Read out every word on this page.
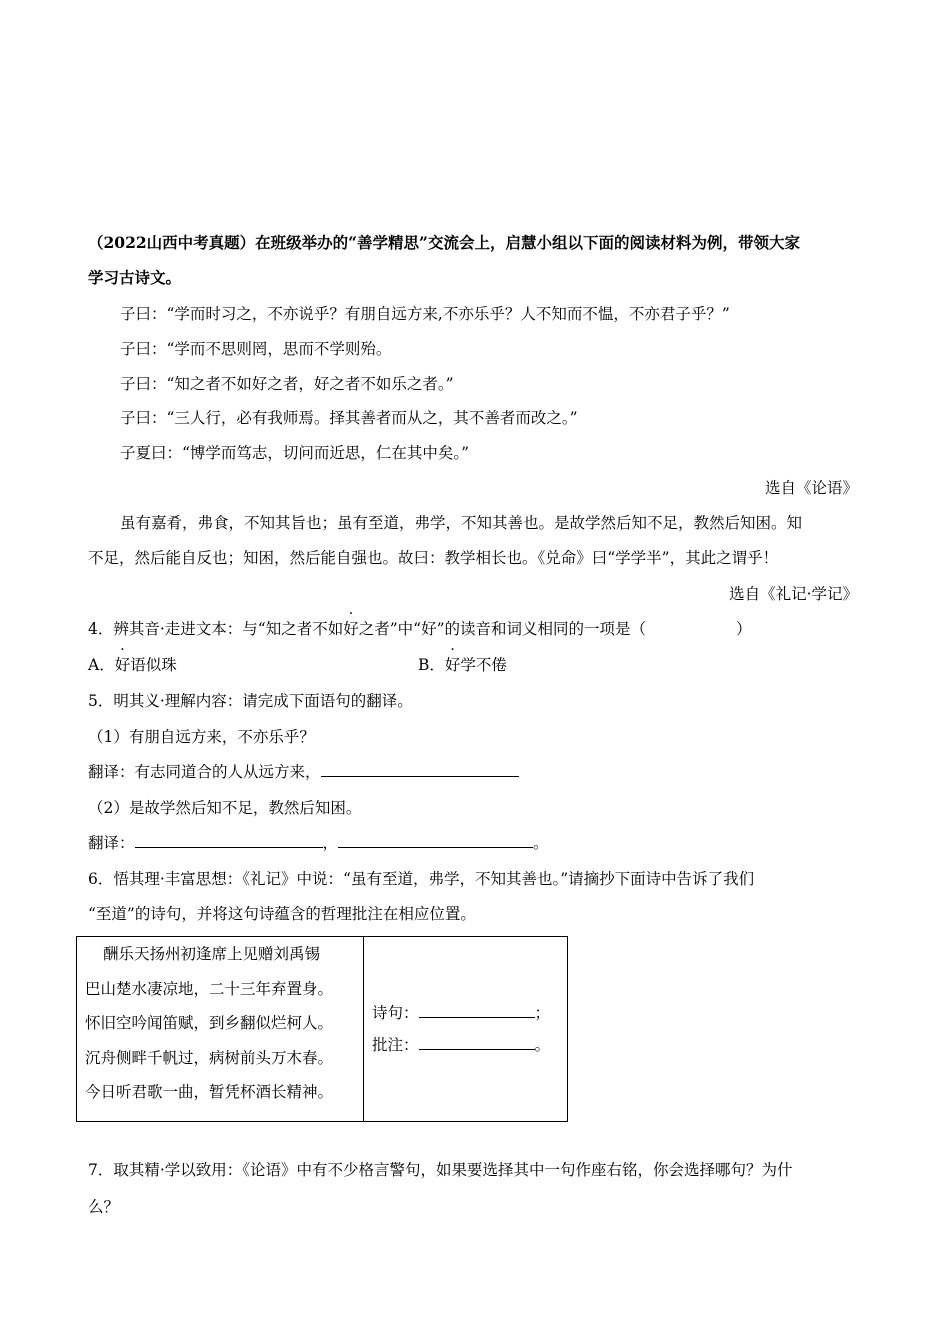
（2022山西中考真题）在班级举办的“善学精思”交流会上，启慧小组以下面的阅读材料为例，带领大家
学习古诗文。
子曰：“学而时习之，不亦说乎？有朋自远方来,不亦乐乎？人不知而不愠，不亦君子乎？”
子曰：“学而不思则罔，思而不学则殆。
子曰：“知之者不如好之者，好之者不如乐之者。”
子曰：“三人行，必有我师焉。择其善者而从之，其不善者而改之。”
子夏曰：“博学而笃志，切问而近思，仁在其中矣。”
选自《论语》
虽有嘉肴，弗食，不知其旨也；虽有至道，弗学，不知其善也。是故学然后知不足，教然后知困。知
不足，然后能自反也；知困，然后能自强也。故曰：教学相长也。《兑命》曰“学学半”，其此之谓乎！
选自《礼记·学记》
4．辨其音·走进文本：与“知之者不如好之者”中“好”的读音和词义相同的一项是（	）
A．好语似珠	B．好学不倦
5．明其义·理解内容：请完成下面语句的翻译。
（1）有朋自远方来，不亦乐乎？
翻译：有志同道合的人从远方来，
（2）是故学然后知不足，教然后知困。
翻译：	，	。
6．悟其理·丰富思想：《礼记》中说：“虽有至道，弗学，不知其善也。”请摘抄下面诗中告诉了我们
“至道”的诗句，并将这句诗蕴含的哲理批注在相应位置。
酬乐天扬州初逢席上见赠刘禹锡
巴山楚水凄凉地，二十三年弃置身。
怀旧空吟闻笛赋，到乡翻似烂柯人。
沉舟侧畔千帆过，病树前头万木春。
今日听君歌一曲，暂凭杯酒长精神。

诗句：	；
批注：	。
7．取其精·学以致用：《论语》中有不少格言警句，如果要选择其中一句作座右铭，你会选择哪句？为什
么？
